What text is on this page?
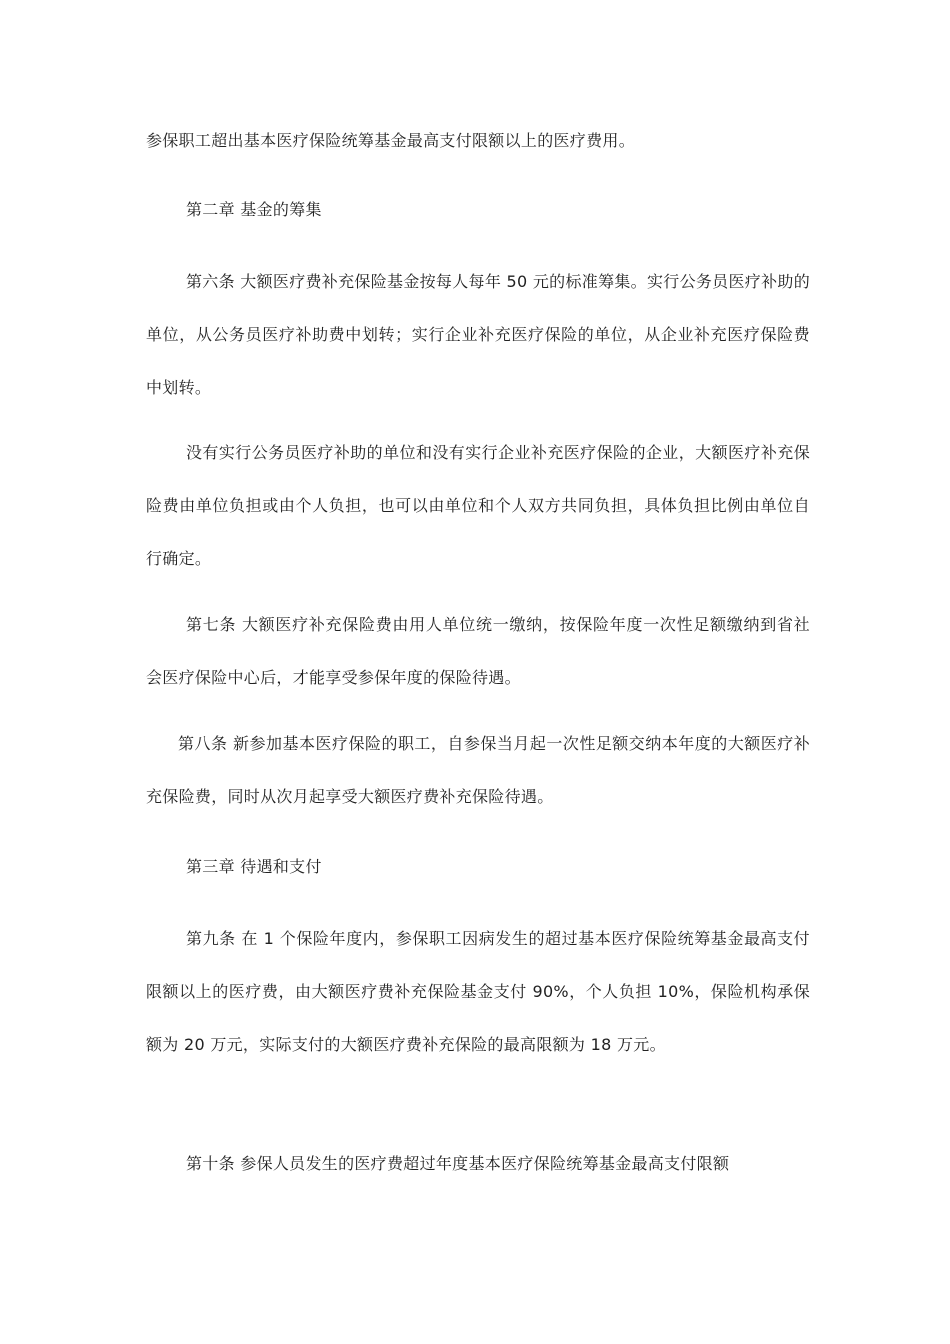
参保职工超出基本医疗保险统筹基金最高支付限额以上的医疗费用。

第二章 基金的筹集

第六条 大额医疗费补充保险基金按每人每年 50 元的标准筹集。实行公务员医疗补助的单位，从公务员医疗补助费中划转；实行企业补充医疗保险的单位，从企业补充医疗保险费中划转。

没有实行公务员医疗补助的单位和没有实行企业补充医疗保险的企业，大额医疗补充保险费由单位负担或由个人负担，也可以由单位和个人双方共同负担，具体负担比例由单位自行确定。

第七条 大额医疗补充保险费由用人单位统一缴纳，按保险年度一次性足额缴纳到省社会医疗保险中心后，才能享受参保年度的保险待遇。

第八条 新参加基本医疗保险的职工，自参保当月起一次性足额交纳本年度的大额医疗补充保险费，同时从次月起享受大额医疗费补充保险待遇。

第三章 待遇和支付

第九条 在 1 个保险年度内，参保职工因病发生的超过基本医疗保险统筹基金最高支付限额以上的医疗费，由大额医疗费补充保险基金支付 90%，个人负担 10%，保险机构承保额为 20 万元，实际支付的大额医疗费补充保险的最高限额为 18 万元。

第十条 参保人员发生的医疗费超过年度基本医疗保险统筹基金最高支付限额
